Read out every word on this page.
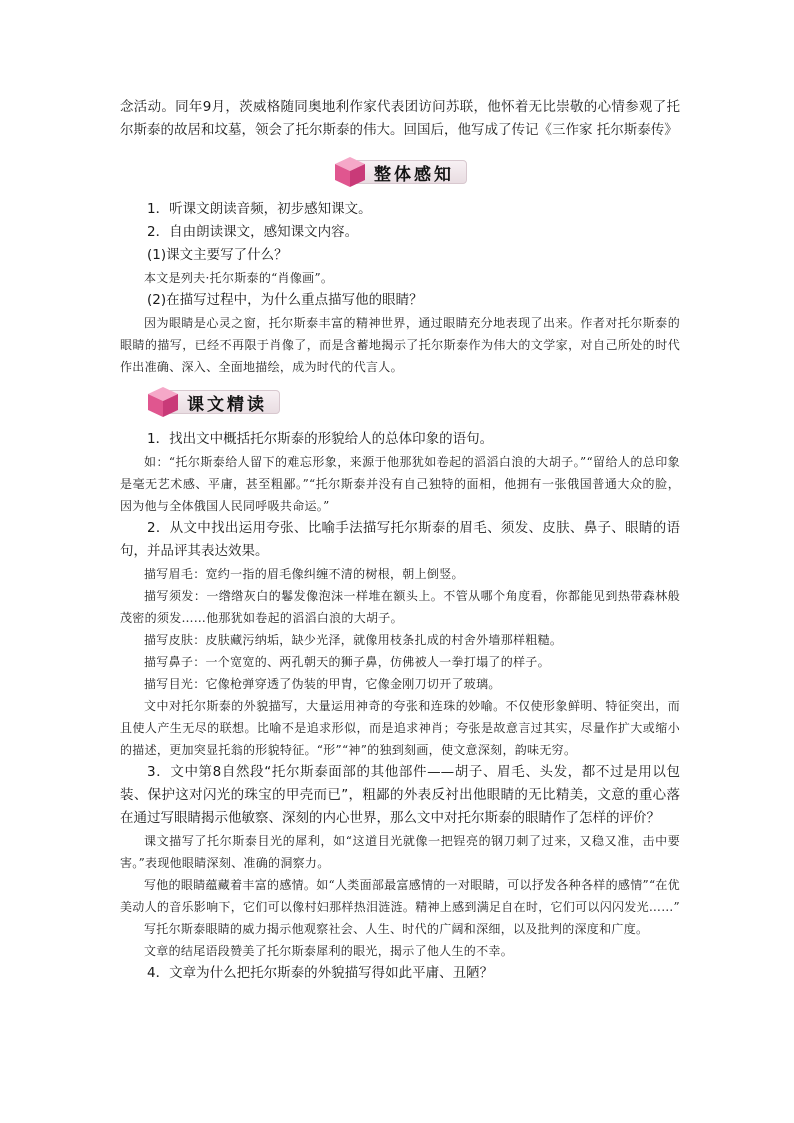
念活动。同年9月，茨威格随同奥地利作家代表团访问苏联，他怀着无比崇敬的心情参观了托尔斯泰的故居和坟墓，领会了托尔斯泰的伟大。回国后，他写成了传记《三作家 托尔斯泰传》

整体感知

1．听课文朗读音频，初步感知课文。

2．自由朗读课文，感知课文内容。

(1)课文主要写了什么？

本文是列夫·托尔斯泰的“肖像画”。

(2)在描写过程中，为什么重点描写他的眼睛？

因为眼睛是心灵之窗，托尔斯泰丰富的精神世界，通过眼睛充分地表现了出来。作者对托尔斯泰的眼睛的描写，已经不再限于肖像了，而是含蓄地揭示了托尔斯泰作为伟大的文学家，对自己所处的时代作出准确、深入、全面地描绘，成为时代的代言人。

课文精读

1．找出文中概括托尔斯泰的形貌给人的总体印象的语句。

如：“托尔斯泰给人留下的难忘形象，来源于他那犹如卷起的滔滔白浪的大胡子。”“留给人的总印象是毫无艺术感、平庸，甚至粗鄙。”“托尔斯泰并没有自己独特的面相，他拥有一张俄国普通大众的脸，因为他与全体俄国人民同呼吸共命运。”

2．从文中找出运用夸张、比喻手法描写托尔斯泰的眉毛、须发、皮肤、鼻子、眼睛的语句，并品评其表达效果。

描写眉毛：宽约一指的眉毛像纠缠不清的树根，朝上倒竖。

描写须发：一绺绺灰白的鬈发像泡沫一样堆在额头上。不管从哪个角度看，你都能见到热带森林般茂密的须发……他那犹如卷起的滔滔白浪的大胡子。

描写皮肤：皮肤藏污纳垢，缺少光泽，就像用枝条扎成的村舍外墙那样粗糙。

描写鼻子：一个宽宽的、两孔朝天的狮子鼻，仿佛被人一拳打塌了的样子。

描写目光：它像枪弹穿透了伪装的甲胄，它像金刚刀切开了玻璃。

文中对托尔斯泰的外貌描写，大量运用神奇的夸张和连珠的妙喻。不仅使形象鲜明、特征突出，而且使人产生无尽的联想。比喻不是追求形似，而是追求神肖；夸张是故意言过其实，尽量作扩大或缩小的描述，更加突显托翁的形貌特征。“形”“神”的独到刻画，使文意深刻，韵味无穷。

3．文中第8自然段“托尔斯泰面部的其他部件——胡子、眉毛、头发，都不过是用以包装、保护这对闪光的珠宝的甲壳而已”，粗鄙的外表反衬出他眼睛的无比精美，文意的重心落在通过写眼睛揭示他敏察、深刻的内心世界，那么文中对托尔斯泰的眼睛作了怎样的评价？

课文描写了托尔斯泰目光的犀利，如“这道目光就像一把锃亮的钢刀刺了过来，又稳又准，击中要害。”表现他眼睛深刻、准确的洞察力。

写他的眼睛蕴藏着丰富的感情。如“人类面部最富感情的一对眼睛，可以抒发各种各样的感情”“在优美动人的音乐影响下，它们可以像村妇那样热泪涟涟。精神上感到满足自在时，它们可以闪闪发光……”

写托尔斯泰眼睛的威力揭示他观察社会、人生、时代的广阔和深细，以及批判的深度和广度。

文章的结尾语段赞美了托尔斯泰犀利的眼光，揭示了他人生的不幸。

4．文章为什么把托尔斯泰的外貌描写得如此平庸、丑陋？
